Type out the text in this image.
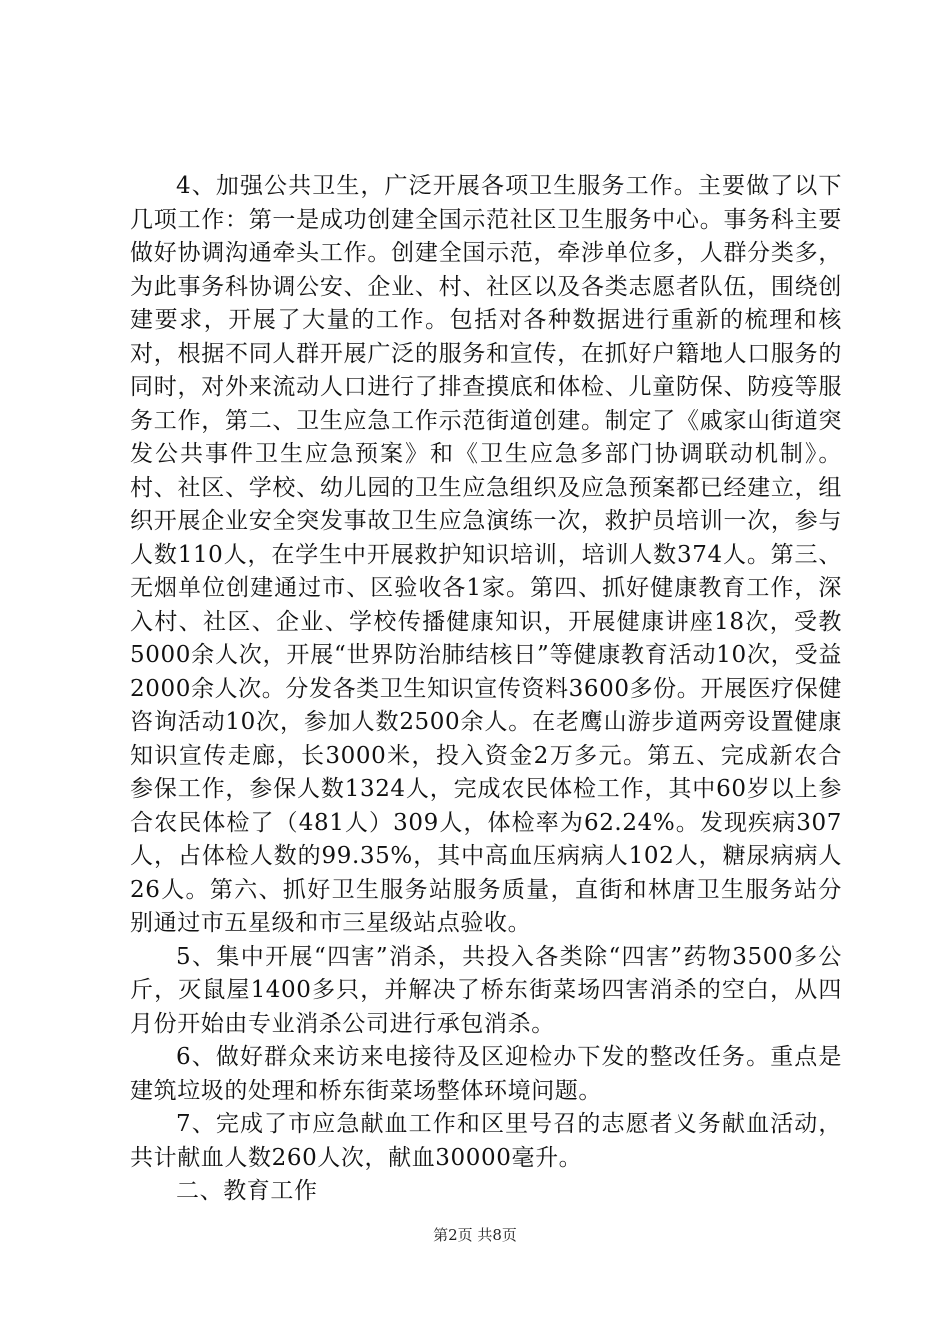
4、加强公共卫生，广泛开展各项卫生服务工作。主要做了以下几项工作：第一是成功创建全国示范社区卫生服务中心。事务科主要做好协调沟通牵头工作。创建全国示范，牵涉单位多，人群分类多，为此事务科协调公安、企业、村、社区以及各类志愿者队伍，围绕创建要求，开展了大量的工作。包括对各种数据进行重新的梳理和核对，根据不同人群开展广泛的服务和宣传，在抓好户籍地人口服务的同时，对外来流动人口进行了排查摸底和体检、儿童防保、防疫等服务工作，第二、卫生应急工作示范街道创建。制定了《戚家山街道突发公共事件卫生应急预案》和《卫生应急多部门协调联动机制》。村、社区、学校、幼儿园的卫生应急组织及应急预案都已经建立，组织开展企业安全突发事故卫生应急演练一次，救护员培训一次，参与人数110人，在学生中开展救护知识培训，培训人数374人。第三、无烟单位创建通过市、区验收各1家。第四、抓好健康教育工作，深入村、社区、企业、学校传播健康知识，开展健康讲座18次，受教5000余人次，开展“世界防治肺结核日”等健康教育活动10次，受益2000余人次。分发各类卫生知识宣传资料3600多份。开展医疗保健咨询活动10次，参加人数2500余人。在老鹰山游步道两旁设置健康知识宣传走廊，长3000米，投入资金2万多元。第五、完成新农合参保工作，参保人数1324人，完成农民体检工作，其中60岁以上参合农民体检了（481人）309人，体检率为62.24%。发现疾病307人，占体检人数的99.35%，其中高血压病病人102人，糖尿病病人26人。第六、抓好卫生服务站服务质量，直街和林唐卫生服务站分别通过市五星级和市三星级站点验收。

5、集中开展“四害”消杀，共投入各类除“四害”药物3500多公斤，灭鼠屋1400多只，并解决了桥东街菜场四害消杀的空白，从四月份开始由专业消杀公司进行承包消杀。

6、做好群众来访来电接待及区迎检办下发的整改任务。重点是建筑垃圾的处理和桥东街菜场整体环境问题。

7、完成了市应急献血工作和区里号召的志愿者义务献血活动，共计献血人数260人次，献血30000毫升。

二、教育工作

第2页 共8页
